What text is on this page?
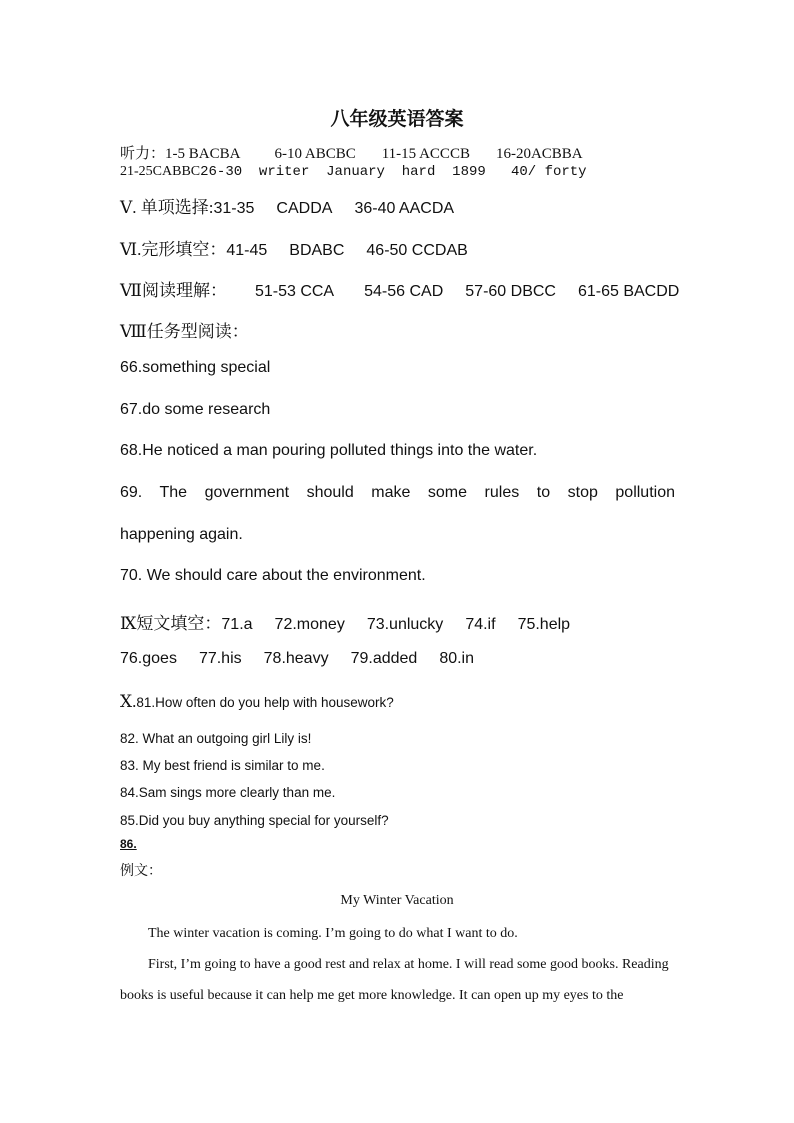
八年级英语答案
听力：1-5 BACBA 6-10 ABCBC 11-15 ACCCB 16-20ACBBA
21-25CABBC26-30  writer  January  hard  1899   40/ forty
Ⅴ. 单项选择:31-35 CADDA 36-40 AACDA
Ⅵ.完形填空：41-45 BDABC 46-50 CCDAB
Ⅶ阅读理解： 51-53 CCA 54-56 CAD 57-60 DBCC 61-65 BACDD
Ⅷ任务型阅读：
66.something special
67.do some research
68.He noticed a man pouring polluted things into the water.
69. The government should make some rules to stop pollution
happening again.
70. We should care about the environment.
Ⅸ短文填空：71.a 72.money 73.unlucky 74.if 75.help
76.goes 77.his 78.heavy 79.added 80.in
Ⅹ.81.How often do you help with housework?
82. What an outgoing girl Lily is!
83. My best friend is similar to me.
84.Sam sings more clearly than me.
85.Did you buy anything special for yourself?
86.
例文：
My Winter Vacation
The winter vacation is coming. I’m going to do what I want to do.
First, I’m going to have a good rest and relax at home. I will read some good books. Reading
books is useful because it can help me get more knowledge. It can open up my eyes to the
